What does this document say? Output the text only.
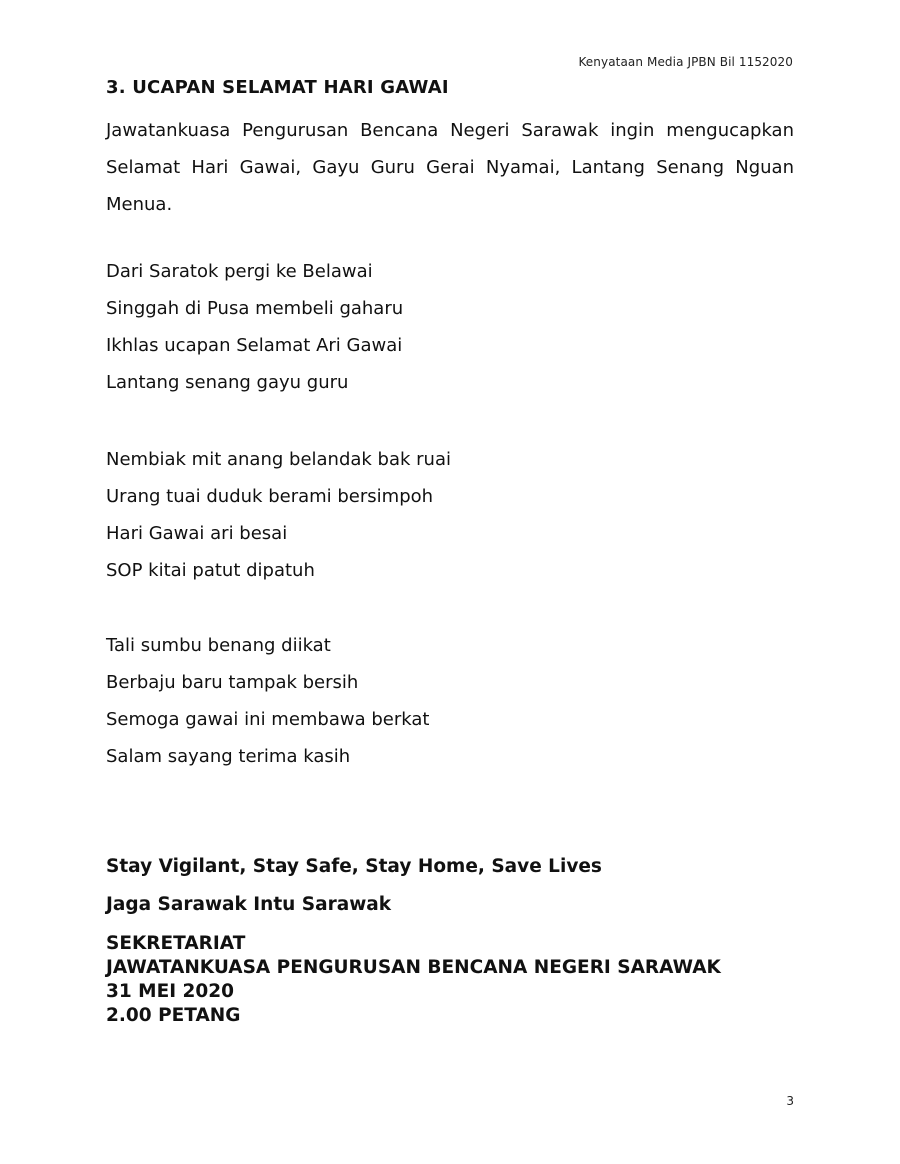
Kenyataan Media JPBN Bil 1152020
3. UCAPAN SELAMAT HARI GAWAI

Jawatankuasa Pengurusan Bencana Negeri Sarawak ingin mengucapkan Selamat Hari Gawai, Gayu Guru Gerai Nyamai, Lantang Senang Nguan Menua.

Dari Saratok pergi ke Belawai
Singgah di Pusa membeli gaharu
Ikhlas ucapan Selamat Ari Gawai
Lantang senang gayu guru
Nembiak mit anang belandak bak ruai
Urang tuai duduk berami bersimpoh
Hari Gawai ari besai
SOP kitai patut dipatuh
Tali sumbu benang diikat
Berbaju baru tampak bersih
Semoga gawai ini membawa berkat
Salam sayang terima kasih
Stay Vigilant, Stay Safe, Stay Home, Save Lives
Jaga Sarawak Intu Sarawak
SEKRETARIAT
JAWATANKUASA PENGURUSAN BENCANA NEGERI SARAWAK
31 MEI 2020
2.00 PETANG
3
